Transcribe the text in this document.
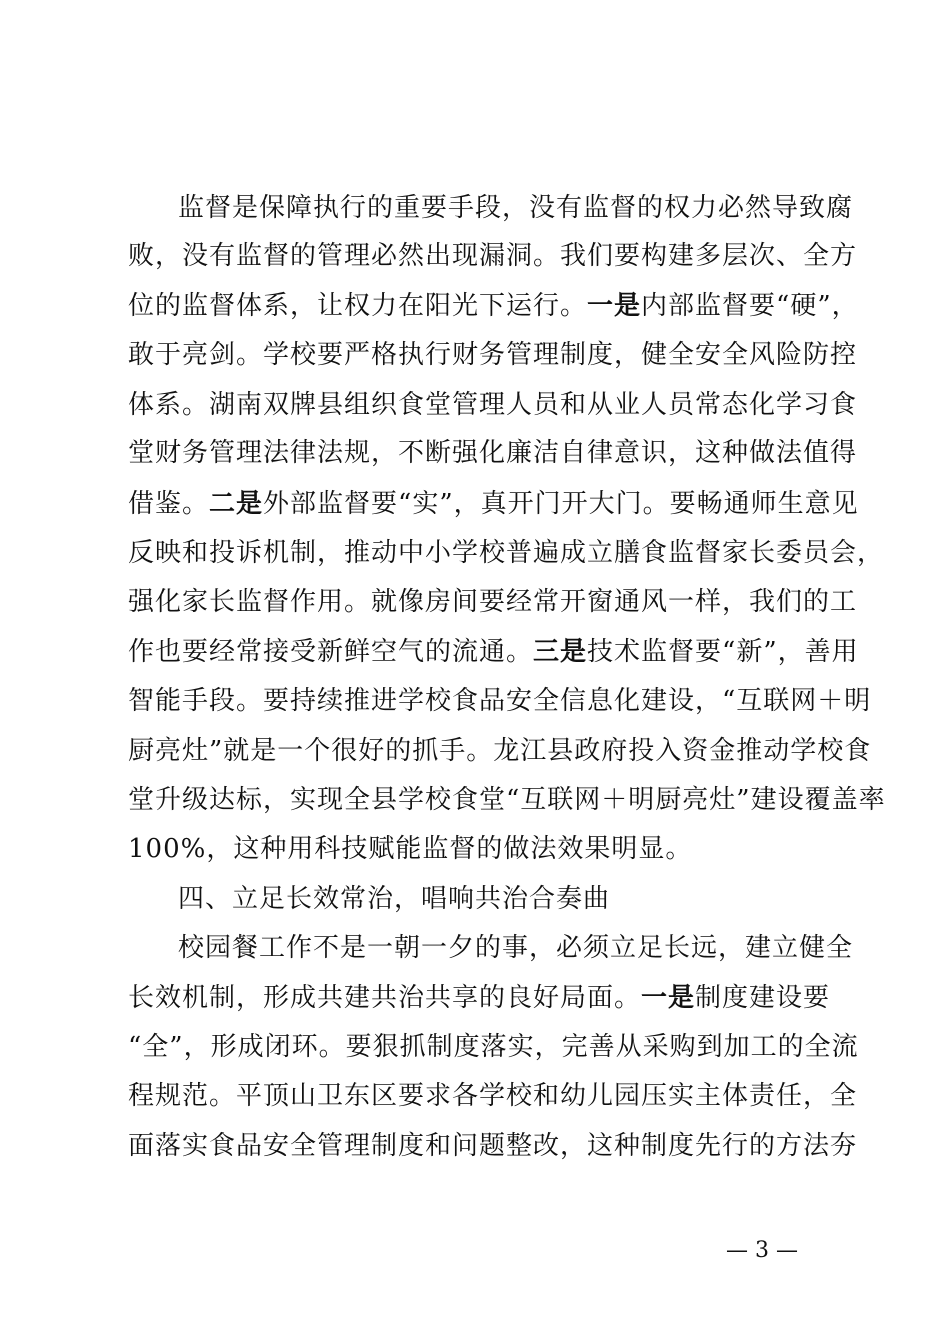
监督是保障执行的重要手段，没有监督的权力必然导致腐
败，没有监督的管理必然出现漏洞。我们要构建多层次、全方
位的监督体系，让权力在阳光下运行。一是内部监督要“硬”，
敢于亮剑。学校要严格执行财务管理制度，健全安全风险防控
体系。湖南双牌县组织食堂管理人员和从业人员常态化学习食
堂财务管理法律法规，不断强化廉洁自律意识，这种做法值得
借鉴。二是外部监督要“实”，真开门开大门。要畅通师生意见
反映和投诉机制，推动中小学校普遍成立膳食监督家长委员会，
强化家长监督作用。就像房间要经常开窗通风一样，我们的工
作也要经常接受新鲜空气的流通。三是技术监督要“新”，善用
智能手段。要持续推进学校食品安全信息化建设，“互联网＋明
厨亮灶”就是一个很好的抓手。龙江县政府投入资金推动学校食
堂升级达标，实现全县学校食堂“互联网＋明厨亮灶”建设覆盖率
100%，这种用科技赋能监督的做法效果明显。
四、立足长效常治，唱响共治合奏曲
校园餐工作不是一朝一夕的事，必须立足长远，建立健全
长效机制，形成共建共治共享的良好局面。一是制度建设要
“全”，形成闭环。要狠抓制度落实，完善从采购到加工的全流
程规范。平顶山卫东区要求各学校和幼儿园压实主体责任，全
面落实食品安全管理制度和问题整改，这种制度先行的方法夯
— 3 —
